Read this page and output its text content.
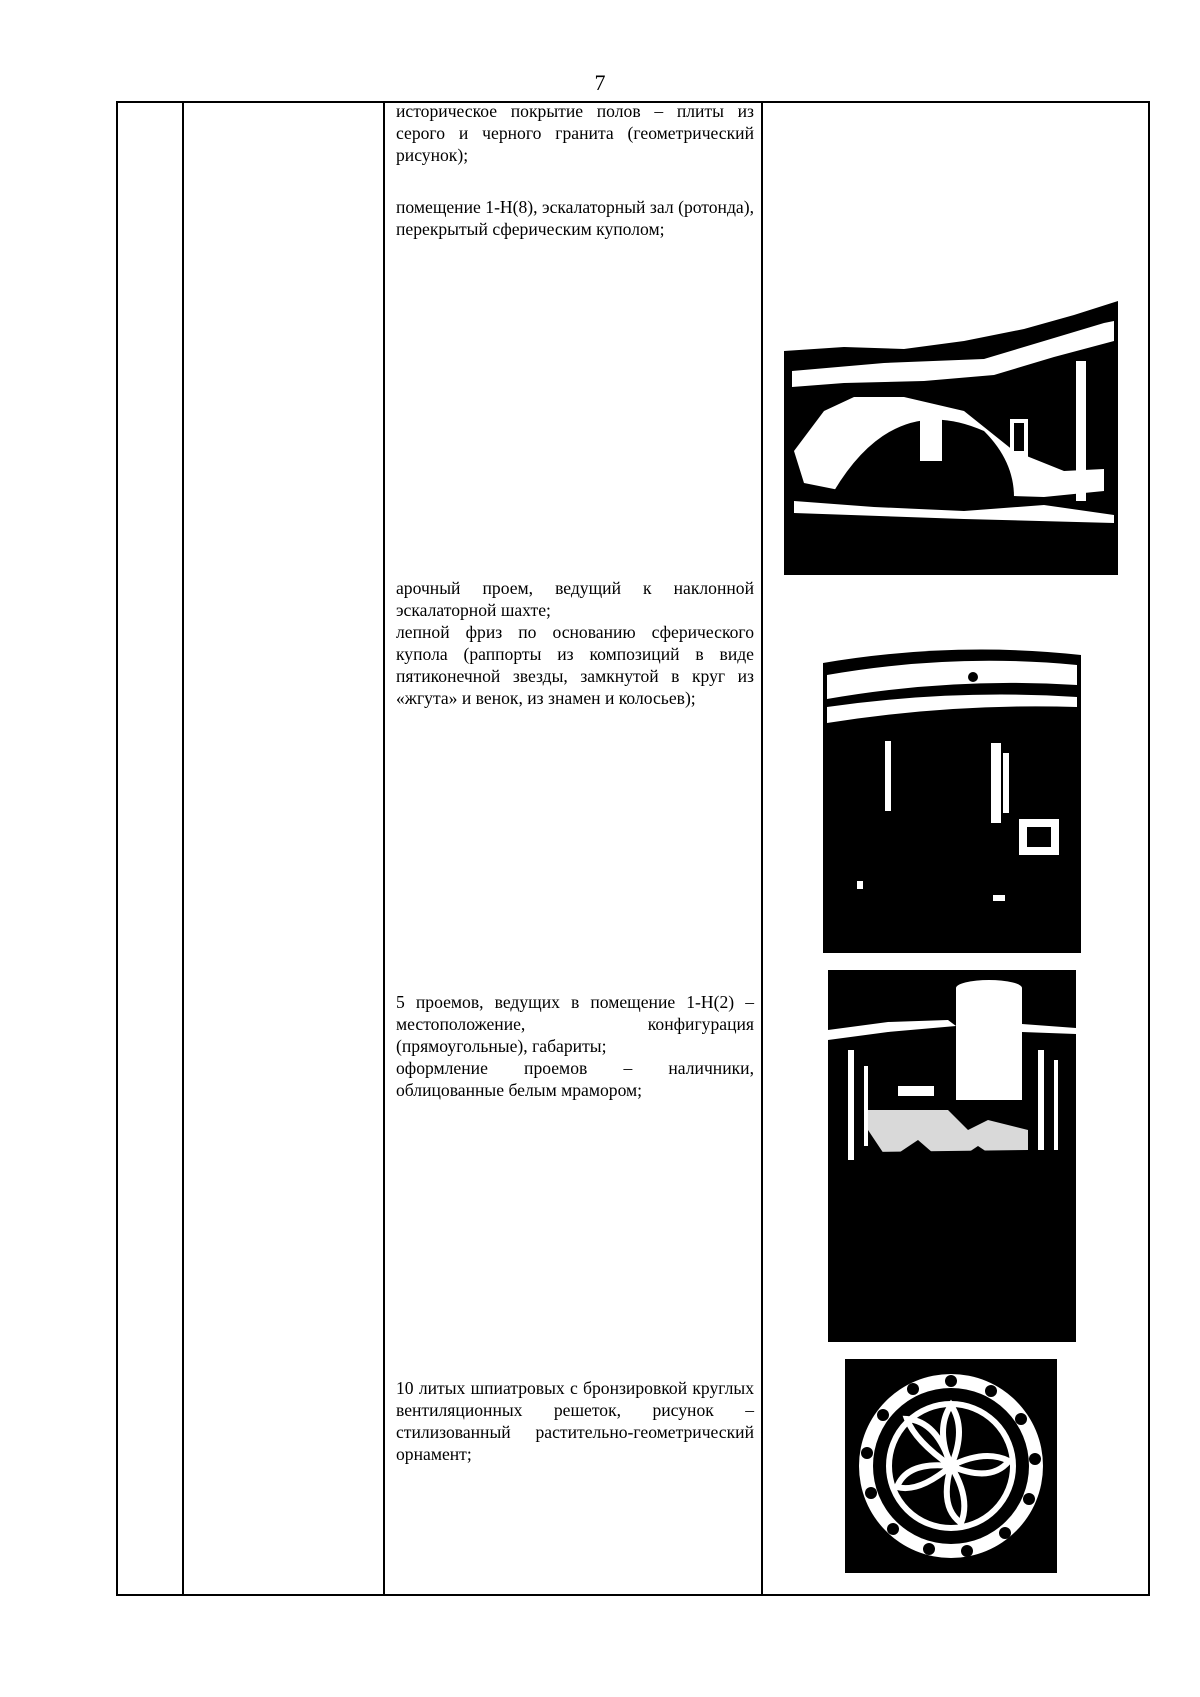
7
историческое покрытие полов – плиты из серого и черного гранита (геометрический рисунок);
помещение 1-Н(8), эскалаторный зал (ротонда), перекрытый сферическим куполом;
арочный проем, ведущий к наклонной эскалаторной шахте;
лепной фриз по основанию сферического купола (раппорты из композиций в виде пятиконечной звезды, замкнутой в круг из «жгута» и венок, из знамен и колосьев);
5 проемов, ведущих в помещение 1-Н(2) – местоположение, конфигурация (прямоугольные), габариты;
оформление проемов – наличники, облицованные белым мрамором;
10 литых шпиатровых с бронзировкой круглых вентиляционных решеток, рисунок – стилизованный растительно-геометрический орнамент;
